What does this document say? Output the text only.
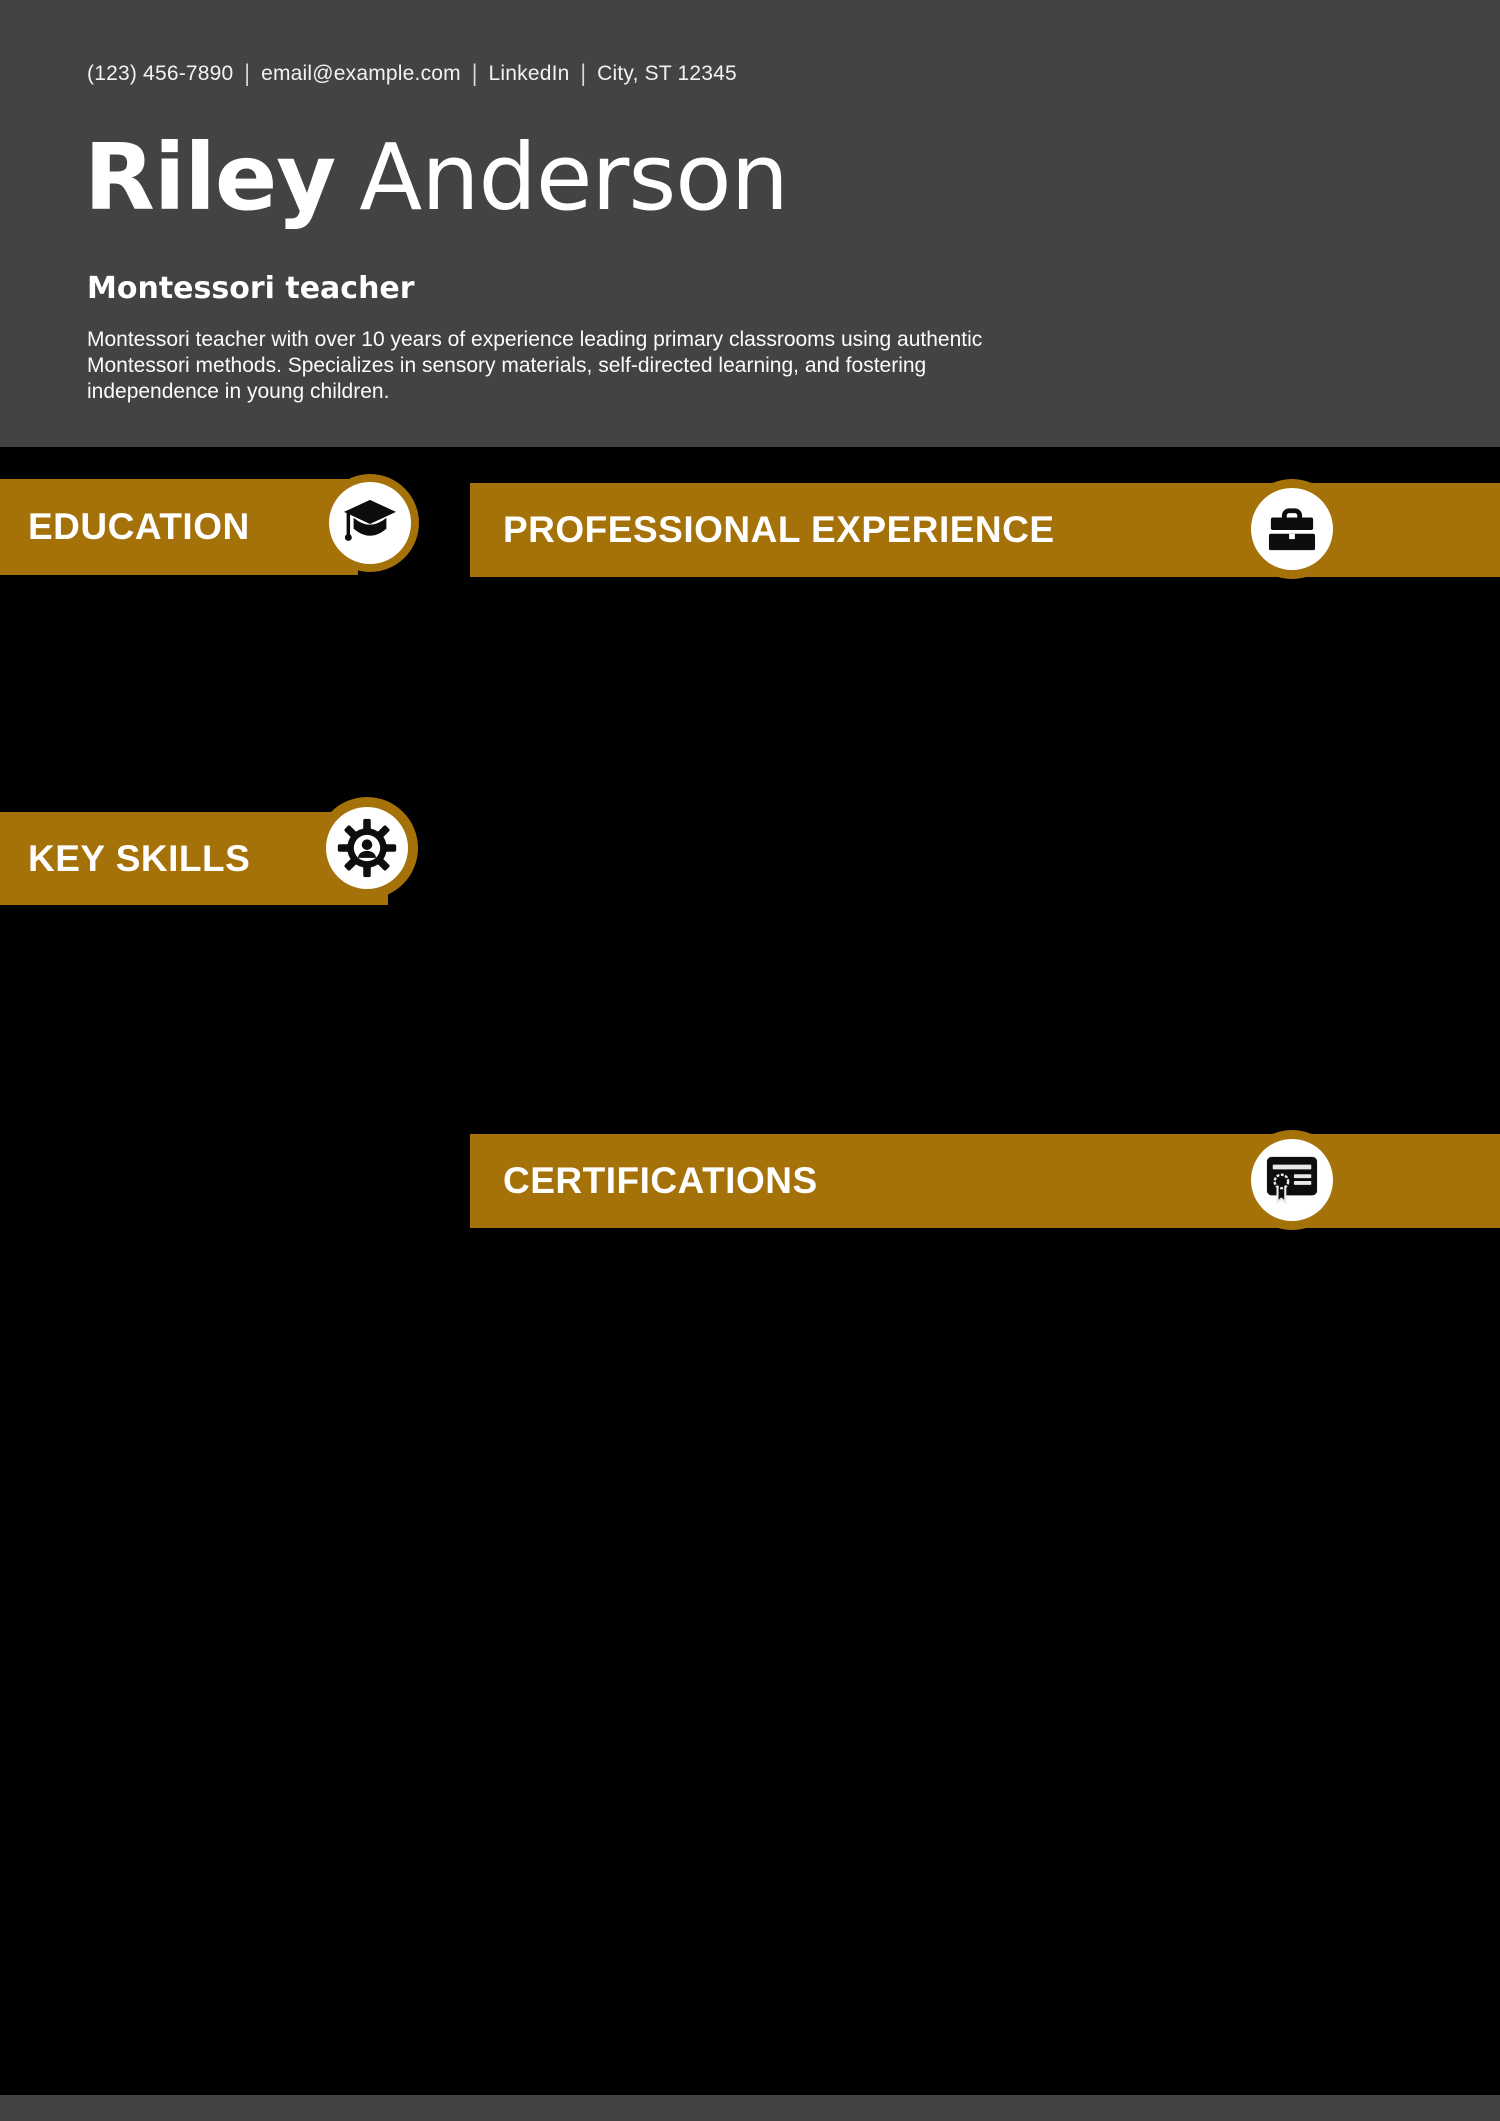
(123) 456-7890 | email@example.com | LinkedIn | City, ST 12345
Riley Anderson
Montessori teacher
Montessori teacher with over 10 years of experience leading primary classrooms using authentic Montessori methods. Specializes in sensory materials, self-directed learning, and fostering independence in young children.
EDUCATION	PROFESSIONAL EXPERIENCE
KEY SKILLS
CERTIFICATIONS
